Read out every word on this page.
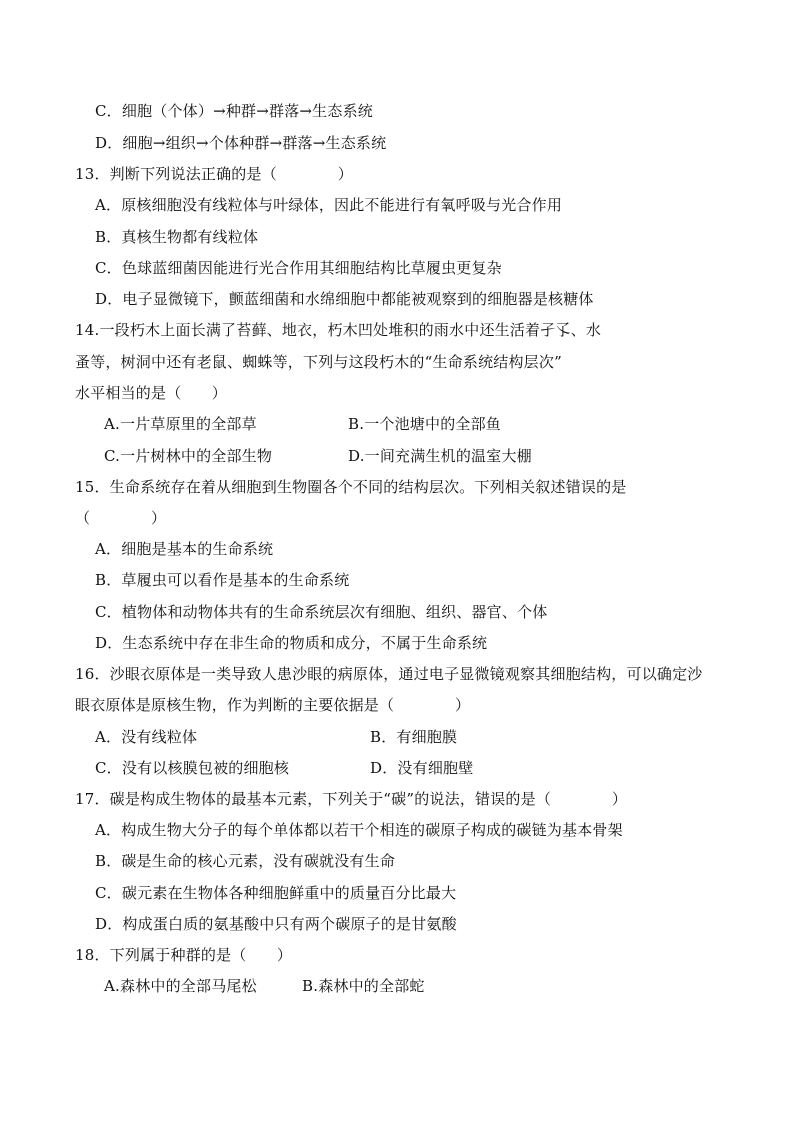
C．细胞（个体）→种群→群落→生态系统
D．细胞→组织→个体种群→群落→生态系统
13．判断下列说法正确的是（　　　　）
A．原核细胞没有线粒体与叶绿体，因此不能进行有氧呼吸与光合作用
B．真核生物都有线粒体
C．色球蓝细菌因能进行光合作用其细胞结构比草履虫更复杂
D．电子显微镜下，颤蓝细菌和水绵细胞中都能被观察到的细胞器是核糖体
14.一段朽木上面长满了苔藓、地衣，朽木凹处堆积的雨水中还生活着孑孓、水
蚤等，树洞中还有老鼠、蜘蛛等，下列与这段朽木的“生命系统结构层次”
水平相当的是（　　）
A.一片草原里的全部草	B.一个池塘中的全部鱼
C.一片树林中的全部生物	D.一间充满生机的温室大棚
15．生命系统存在着从细胞到生物圈各个不同的结构层次。下列相关叙述错误的是
（　　　　）
A．细胞是基本的生命系统
B．草履虫可以看作是基本的生命系统
C．植物体和动物体共有的生命系统层次有细胞、组织、器官、个体
D．生态系统中存在非生命的物质和成分，不属于生命系统
16．沙眼衣原体是一类导致人患沙眼的病原体，通过电子显微镜观察其细胞结构，可以确定沙
眼衣原体是原核生物，作为判断的主要依据是（　　　　）
A．没有线粒体	B．有细胞膜
C．没有以核膜包被的细胞核	D．没有细胞壁
17．碳是构成生物体的最基本元素，下列关于“碳”的说法，错误的是（　　　　）
A．构成生物大分子的每个单体都以若干个相连的碳原子构成的碳链为基本骨架
B．碳是生命的核心元素，没有碳就没有生命
C．碳元素在生物体各种细胞鲜重中的质量百分比最大
D．构成蛋白质的氨基酸中只有两个碳原子的是甘氨酸
18．下列属于种群的是（　　）
A.森林中的全部马尾松	B.森林中的全部蛇
